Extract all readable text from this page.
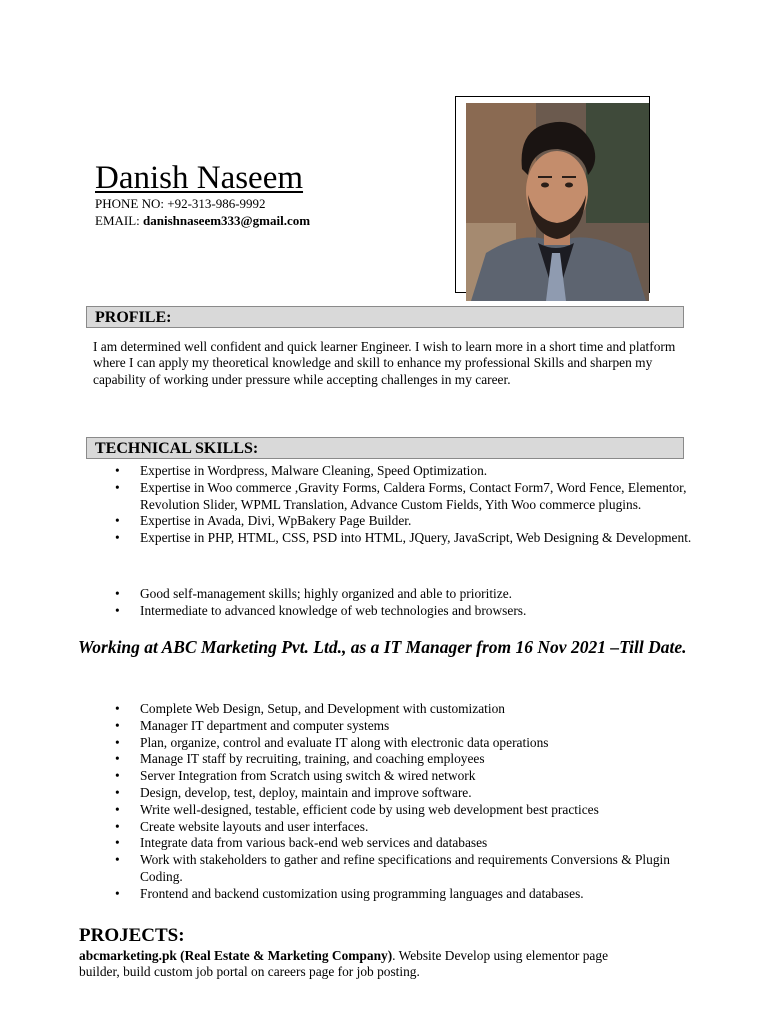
Danish Naseem
PHONE NO: +92-313-986-9992
EMAIL: danishnaseem333@gmail.com
PROFILE:
I am determined well confident and quick learner Engineer. I wish to learn more in a short time and platform where I can apply my theoretical knowledge and skill to enhance my professional Skills and sharpen my capability of working under pressure while accepting challenges in my career.
TECHNICAL SKILLS:
• Expertise in Wordpress, Malware Cleaning, Speed Optimization.
• Expertise in Woo commerce ,Gravity Forms, Caldera Forms, Contact Form7, Word Fence, Elementor, Revolution Slider, WPML Translation, Advance Custom Fields, Yith Woo commerce plugins.
• Expertise in Avada, Divi, WpBakery Page Builder.
• Expertise in PHP, HTML, CSS, PSD into HTML, JQuery, JavaScript, Web Designing & Development.
• Good self-management skills; highly organized and able to prioritize.
• Intermediate to advanced knowledge of web technologies and browsers.
Working at ABC Marketing Pvt. Ltd., as a IT Manager from 16 Nov 2021 –Till Date.
• Complete Web Design, Setup, and Development with customization
• Manager IT department and computer systems
• Plan, organize, control and evaluate IT along with electronic data operations
• Manage IT staff by recruiting, training, and coaching employees
• Server Integration from Scratch using switch & wired network
• Design, develop, test, deploy, maintain and improve software.
• Write well-designed, testable, efficient code by using web development best practices
• Create website layouts and user interfaces.
• Integrate data from various back-end web services and databases
• Work with stakeholders to gather and refine specifications and requirements Conversions & Plugin Coding.
• Frontend and backend customization using programming languages and databases.
PROJECTS:
abcmarketing.pk (Real Estate & Marketing Company). Website Develop using elementor page builder, build custom job portal on careers page for job posting.
